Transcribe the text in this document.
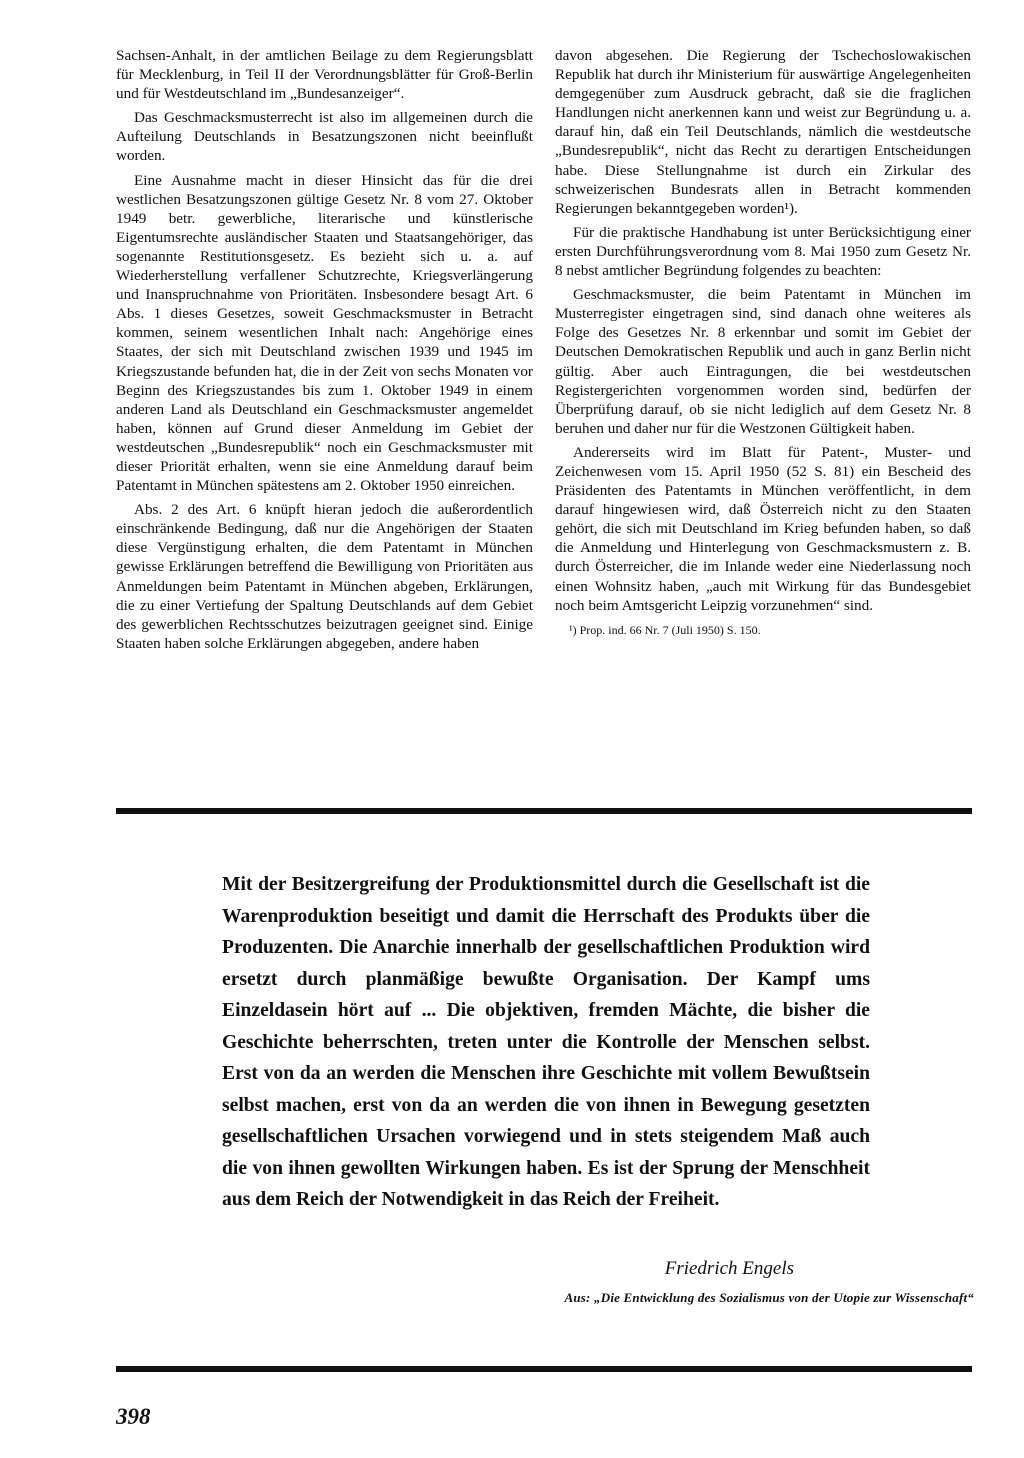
Sachsen-Anhalt, in der amtlichen Beilage zu dem Regierungsblatt für Mecklenburg, in Teil II der Verordnungsblätter für Groß-Berlin und für Westdeutschland im „Bundesanzeiger“.

Das Geschmacksmusterrecht ist also im allgemeinen durch die Aufteilung Deutschlands in Besatzungszonen nicht beeinflußt worden.

Eine Ausnahme macht in dieser Hinsicht das für die drei westlichen Besatzungszonen gültige Gesetz Nr. 8 vom 27. Oktober 1949 betr. gewerbliche, literarische und künstlerische Eigentumsrechte ausländischer Staaten und Staatsangehöriger, das sogenannte Restitutionsgesetz. Es bezieht sich u. a. auf Wiederherstellung verfallener Schutzrechte, Kriegsverlängerung und Inanspruchnahme von Prioritäten. Insbesondere besagt Art. 6 Abs. 1 dieses Gesetzes, soweit Geschmacksmuster in Betracht kommen, seinem wesentlichen Inhalt nach: Angehörige eines Staates, der sich mit Deutschland zwischen 1939 und 1945 im Kriegszustande befunden hat, die in der Zeit von sechs Monaten vor Beginn des Kriegszustandes bis zum 1. Oktober 1949 in einem anderen Land als Deutschland ein Geschmacksmuster angemeldet haben, können auf Grund dieser Anmeldung im Gebiet der westdeutschen „Bundesrepublik“ noch ein Geschmacksmuster mit dieser Priorität erhalten, wenn sie eine Anmeldung darauf beim Patentamt in München spätestens am 2. Oktober 1950 einreichen.

Abs. 2 des Art. 6 knüpft hieran jedoch die außerordentlich einschränkende Bedingung, daß nur die Angehörigen der Staaten diese Vergünstigung erhalten, die dem Patentamt in München gewisse Erklärungen betreffend die Bewilligung von Prioritäten aus Anmeldungen beim Patentamt in München abgeben, Erklärungen, die zu einer Vertiefung der Spaltung Deutschlands auf dem Gebiet des gewerblichen Rechtsschutzes beizutragen geeignet sind. Einige Staaten haben solche Erklärungen abgegeben, andere haben

davon abgesehen. Die Regierung der Tschechoslowakischen Republik hat durch ihr Ministerium für auswärtige Angelegenheiten demgegenüber zum Ausdruck gebracht, daß sie die fraglichen Handlungen nicht anerkennen kann und weist zur Begründung u. a. darauf hin, daß ein Teil Deutschlands, nämlich die westdeutsche „Bundesrepublik“, nicht das Recht zu derartigen Entscheidungen habe. Diese Stellungnahme ist durch ein Zirkular des schweizerischen Bundesrats allen in Betracht kommenden Regierungen bekanntgegeben worden¹).

Für die praktische Handhabung ist unter Berücksichtigung einer ersten Durchführungsverordnung vom 8. Mai 1950 zum Gesetz Nr. 8 nebst amtlicher Begründung folgendes zu beachten:

Geschmacksmuster, die beim Patentamt in München im Musterregister eingetragen sind, sind danach ohne weiteres als Folge des Gesetzes Nr. 8 erkennbar und somit im Gebiet der Deutschen Demokratischen Republik und auch in ganz Berlin nicht gültig. Aber auch Eintragungen, die bei westdeutschen Registergerichten vorgenommen worden sind, bedürfen der Überprüfung darauf, ob sie nicht lediglich auf dem Gesetz Nr. 8 beruhen und daher nur für die Westzonen Gültigkeit haben.

Andererseits wird im Blatt für Patent-, Muster- und Zeichenwesen vom 15. April 1950 (52 S. 81) ein Bescheid des Präsidenten des Patentamts in München veröffentlicht, in dem darauf hingewiesen wird, daß Österreich nicht zu den Staaten gehört, die sich mit Deutschland im Krieg befunden haben, so daß die Anmeldung und Hinterlegung von Geschmacksmustern z. B. durch Österreicher, die im Inlande weder eine Niederlassung noch einen Wohnsitz haben, „auch mit Wirkung für das Bundesgebiet noch beim Amtsgericht Leipzig vorzunehmen“ sind.

¹) Prop. ind. 66 Nr. 7 (Juli 1950) S. 150.

Mit der Besitzergreifung der Produktionsmittel durch die Gesellschaft ist die Warenproduktion beseitigt und damit die Herrschaft des Produkts über die Produzenten. Die Anarchie innerhalb der gesellschaftlichen Produktion wird ersetzt durch planmäßige bewußte Organisation. Der Kampf ums Einzeldasein hört auf ... Die objektiven, fremden Mächte, die bisher die Geschichte beherrschten, treten unter die Kontrolle der Menschen selbst. Erst von da an werden die Menschen ihre Geschichte mit vollem Bewußtsein selbst machen, erst von da an werden die von ihnen in Bewegung gesetzten gesellschaftlichen Ursachen vorwiegend und in stets steigendem Maß auch die von ihnen gewollten Wirkungen haben. Es ist der Sprung der Menschheit aus dem Reich der Notwendigkeit in das Reich der Freiheit.

Friedrich Engels
Aus: „Die Entwicklung des Sozialismus von der Utopie zur Wissenschaft“
398
